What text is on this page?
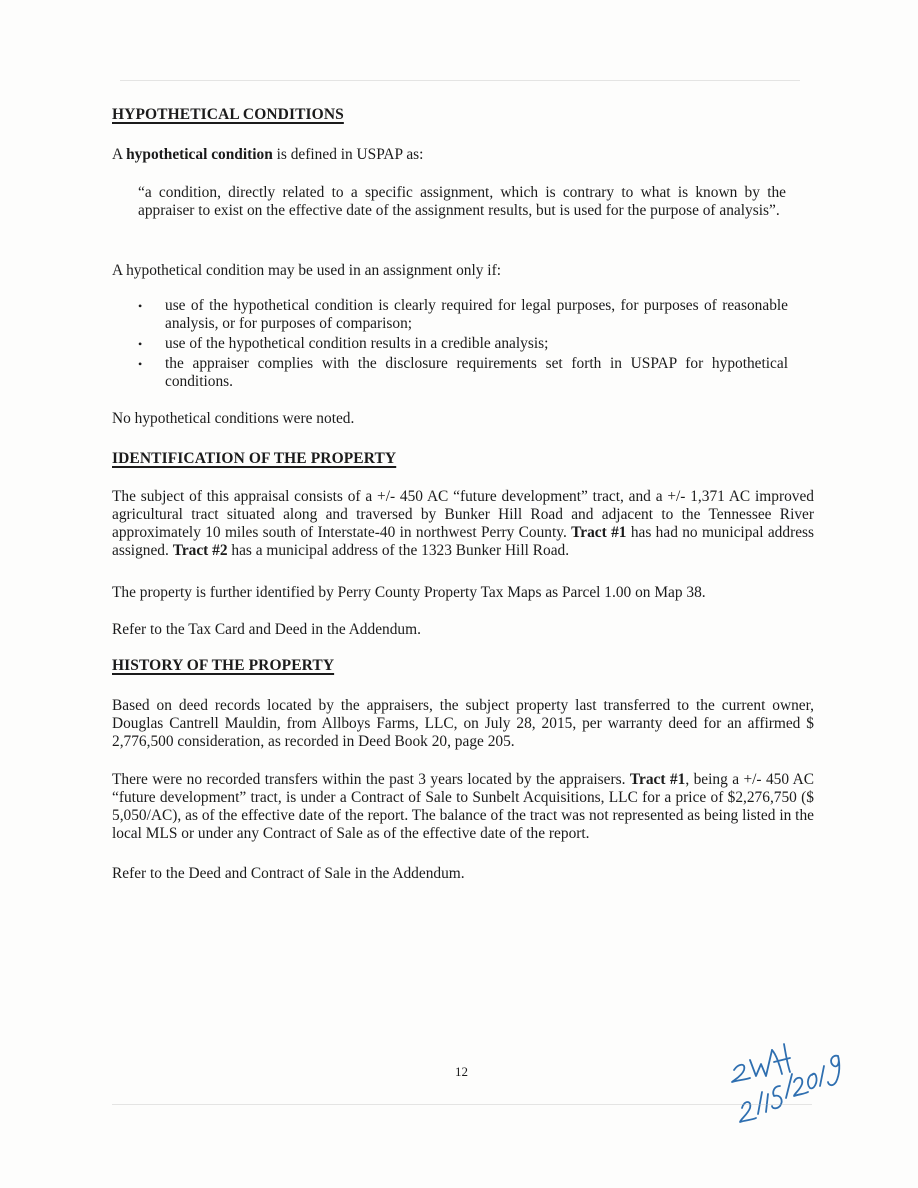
HYPOTHETICAL CONDITIONS

A hypothetical condition is defined in USPAP as:

“a condition, directly related to a specific assignment, which is contrary to what is known by the appraiser to exist on the effective date of the assignment results, but is used for the purpose of analysis”.

A hypothetical condition may be used in an assignment only if:

• use of the hypothetical condition is clearly required for legal purposes, for purposes of reasonable analysis, or for purposes of comparison;
• use of the hypothetical condition results in a credible analysis;
• the appraiser complies with the disclosure requirements set forth in USPAP for hypothetical conditions.

No hypothetical conditions were noted.

IDENTIFICATION OF THE PROPERTY

The subject of this appraisal consists of a +/- 450 AC “future development” tract, and a +/- 1,371 AC improved agricultural tract situated along and traversed by Bunker Hill Road and adjacent to the Tennessee River approximately 10 miles south of Interstate-40 in northwest Perry County. Tract #1 has had no municipal address assigned. Tract #2 has a municipal address of the 1323 Bunker Hill Road.

The property is further identified by Perry County Property Tax Maps as Parcel 1.00 on Map 38.

Refer to the Tax Card and Deed in the Addendum.

HISTORY OF THE PROPERTY

Based on deed records located by the appraisers, the subject property last transferred to the current owner, Douglas Cantrell Mauldin, from Allboys Farms, LLC, on July 28, 2015, per warranty deed for an affirmed $ 2,776,500 consideration, as recorded in Deed Book 20, page 205.

There were no recorded transfers within the past 3 years located by the appraisers. Tract #1, being a +/- 450 AC “future development” tract, is under a Contract of Sale to Sunbelt Acquisitions, LLC for a price of $2,276,750 ($ 5,050/AC), as of the effective date of the report. The balance of the tract was not represented as being listed in the local MLS or under any Contract of Sale as of the effective date of the report.

Refer to the Deed and Contract of Sale in the Addendum.

12
